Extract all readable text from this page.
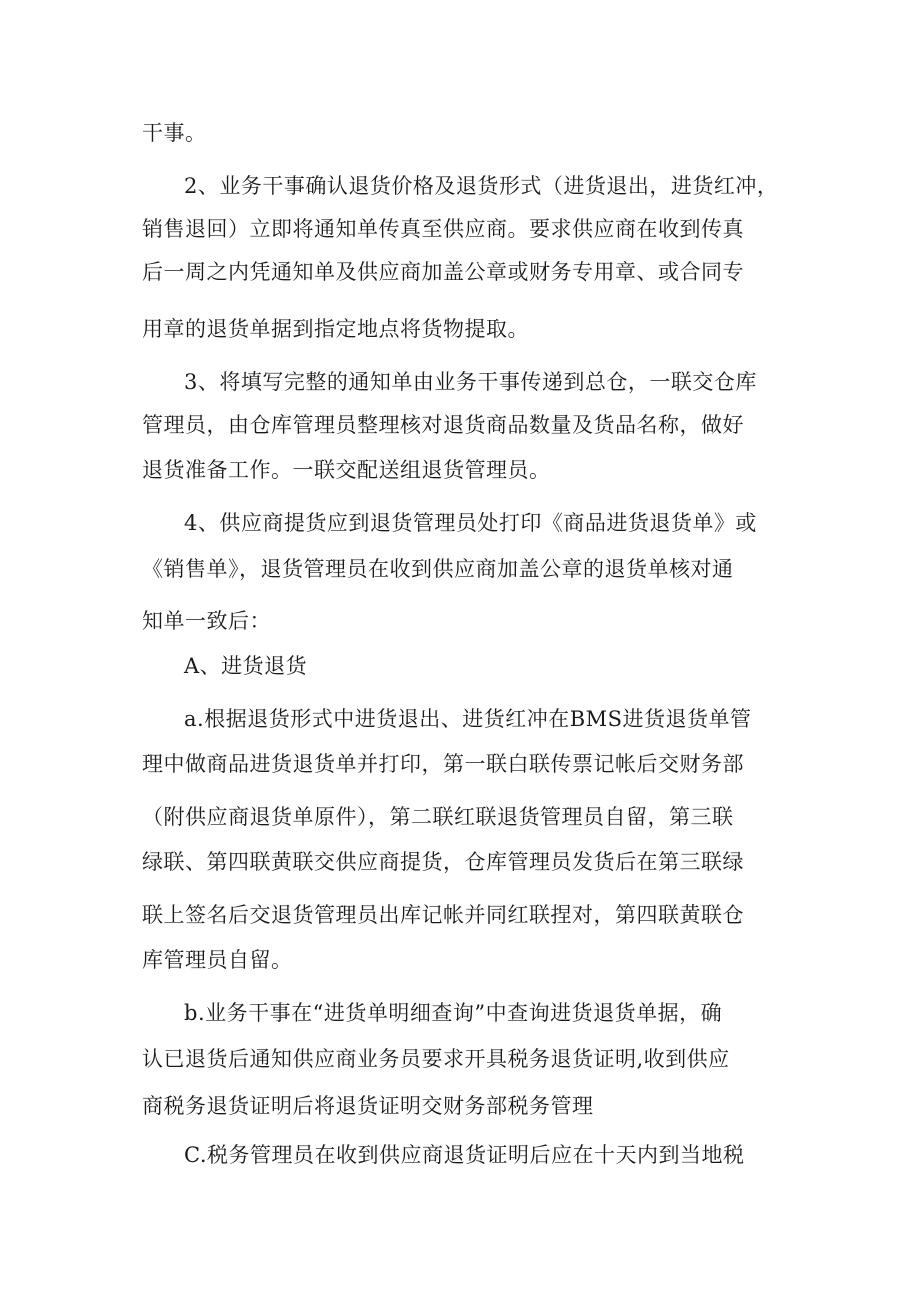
干事。
2、业务干事确认退货价格及退货形式（进货退出，进货红冲，
销售退回）立即将通知单传真至供应商。要求供应商在收到传真
后一周之内凭通知单及供应商加盖公章或财务专用章、或合同专
用章的退货单据到指定地点将货物提取。
3、将填写完整的通知单由业务干事传递到总仓，一联交仓库
管理员，由仓库管理员整理核对退货商品数量及货品名称，做好
退货准备工作。一联交配送组退货管理员。
4、供应商提货应到退货管理员处打印《商品进货退货单》或
《销售单》，退货管理员在收到供应商加盖公章的退货单核对通
知单一致后：
A、进货退货
a.根据退货形式中进货退出、进货红冲在BMS进货退货单管
理中做商品进货退货单并打印，第一联白联传票记帐后交财务部
（附供应商退货单原件），第二联红联退货管理员自留，第三联
绿联、第四联黄联交供应商提货，仓库管理员发货后在第三联绿
联上签名后交退货管理员出库记帐并同红联捏对，第四联黄联仓
库管理员自留。
b.业务干事在“进货单明细查询”中查询进货退货单据，确
认已退货后通知供应商业务员要求开具税务退货证明,收到供应
商税务退货证明后将退货证明交财务部税务管理
C.税务管理员在收到供应商退货证明后应在十天内到当地税
